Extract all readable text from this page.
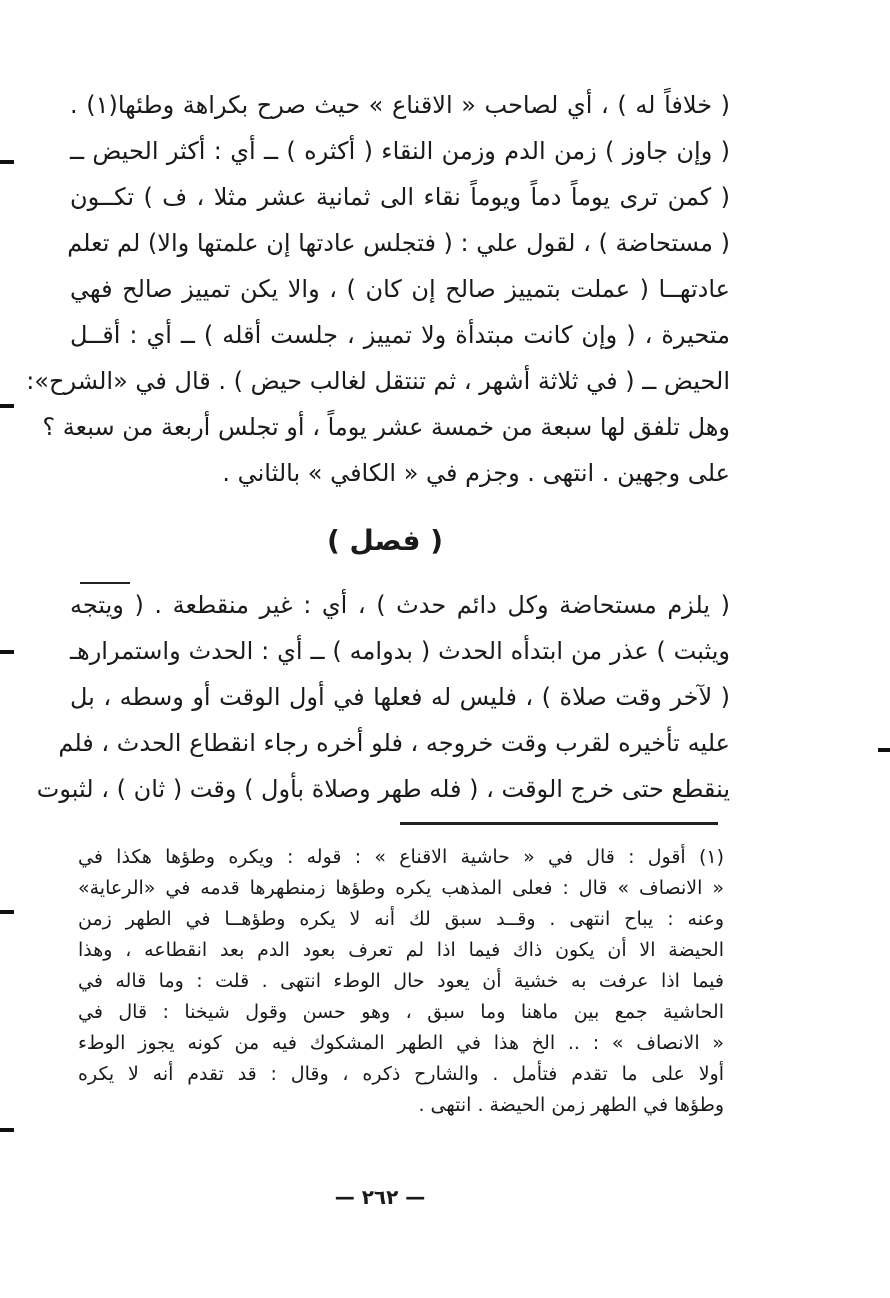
( خلافاً له ) ، أي لصاحب « الاقناع » حيث صرح بكراهة وطئها(١) .
( وإن جاوز ) زمن الدم وزمن النقاء ( أكثره ) ــ أي : أكثر الحيض ــ
( كمن ترى يوماً دماً ويوماً نقاء الى ثمانية عشر مثلا ، ف ) تكــون
( مستحاضة ) ، لقول علي : ( فتجلس عادتها إن علمتها والا) لم تعلم
عادتهــا ( عملت بتمييز صالح إن كان ) ، والا يكن تمييز صالح فهي
متحيرة ، ( وإن كانت مبتدأة ولا تمييز ، جلست أقله ) ــ أي : أقــل
الحيض ــ ( في ثلاثة أشهر ، ثم تنتقل لغالب حيض ) . قال في «الشرح»:
وهل تلفق لها سبعة من خمسة عشر يوماً ، أو تجلس أربعة من سبعة ؟
على وجهين . انتهى . وجزم في « الكافي » بالثاني .
( فصل )
( يلزم مستحاضة وكل دائم حدث ) ، أي : غير منقطعة . ( ويتجه
ويثبت ) عذر من ابتدأه الحدث ( بدوامه ) ــ أي : الحدث واستمرارهـ
( لآخر وقت صلاة ) ، فليس له فعلها في أول الوقت أو وسطه ، بل
عليه تأخيره لقرب وقت خروجه ، فلو أخره رجاء انقطاع الحدث ، فلم
ينقطع حتى خرج الوقت ، ( فله طهر وصلاة بأول ) وقت ( ثان ) ، لثبوت
(١) أقول : قال في « حاشية الاقناع » : قوله : ويكره وطؤها هكذا في
« الانصاف » قال : فعلى المذهب يكره وطؤها زمنطهرها قدمه في «الرعاية»
وعنه : يباح انتهى . وقــد سبق لك أنه لا يكره وطؤهــا في الطهر زمن
الحيضة الا أن يكون ذاك فيما اذا لم تعرف بعود الدم بعد انقطاعه ، وهذا
فيما اذا عرفت به خشية أن يعود حال الوطء انتهى . قلت : وما قاله في
الحاشية جمع بين ماهنا وما سبق ، وهو حسن وقول شيخنا : قال في
« الانصاف » : .. الخ هذا في الطهر المشكوك فيه من كونه يجوز الوطء
أولا على ما تقدم فتأمل . والشارح ذكره ، وقال : قد تقدم أنه لا يكره
وطؤها في الطهر زمن الحيضة . انتهى .
— ٢٦٢ —
